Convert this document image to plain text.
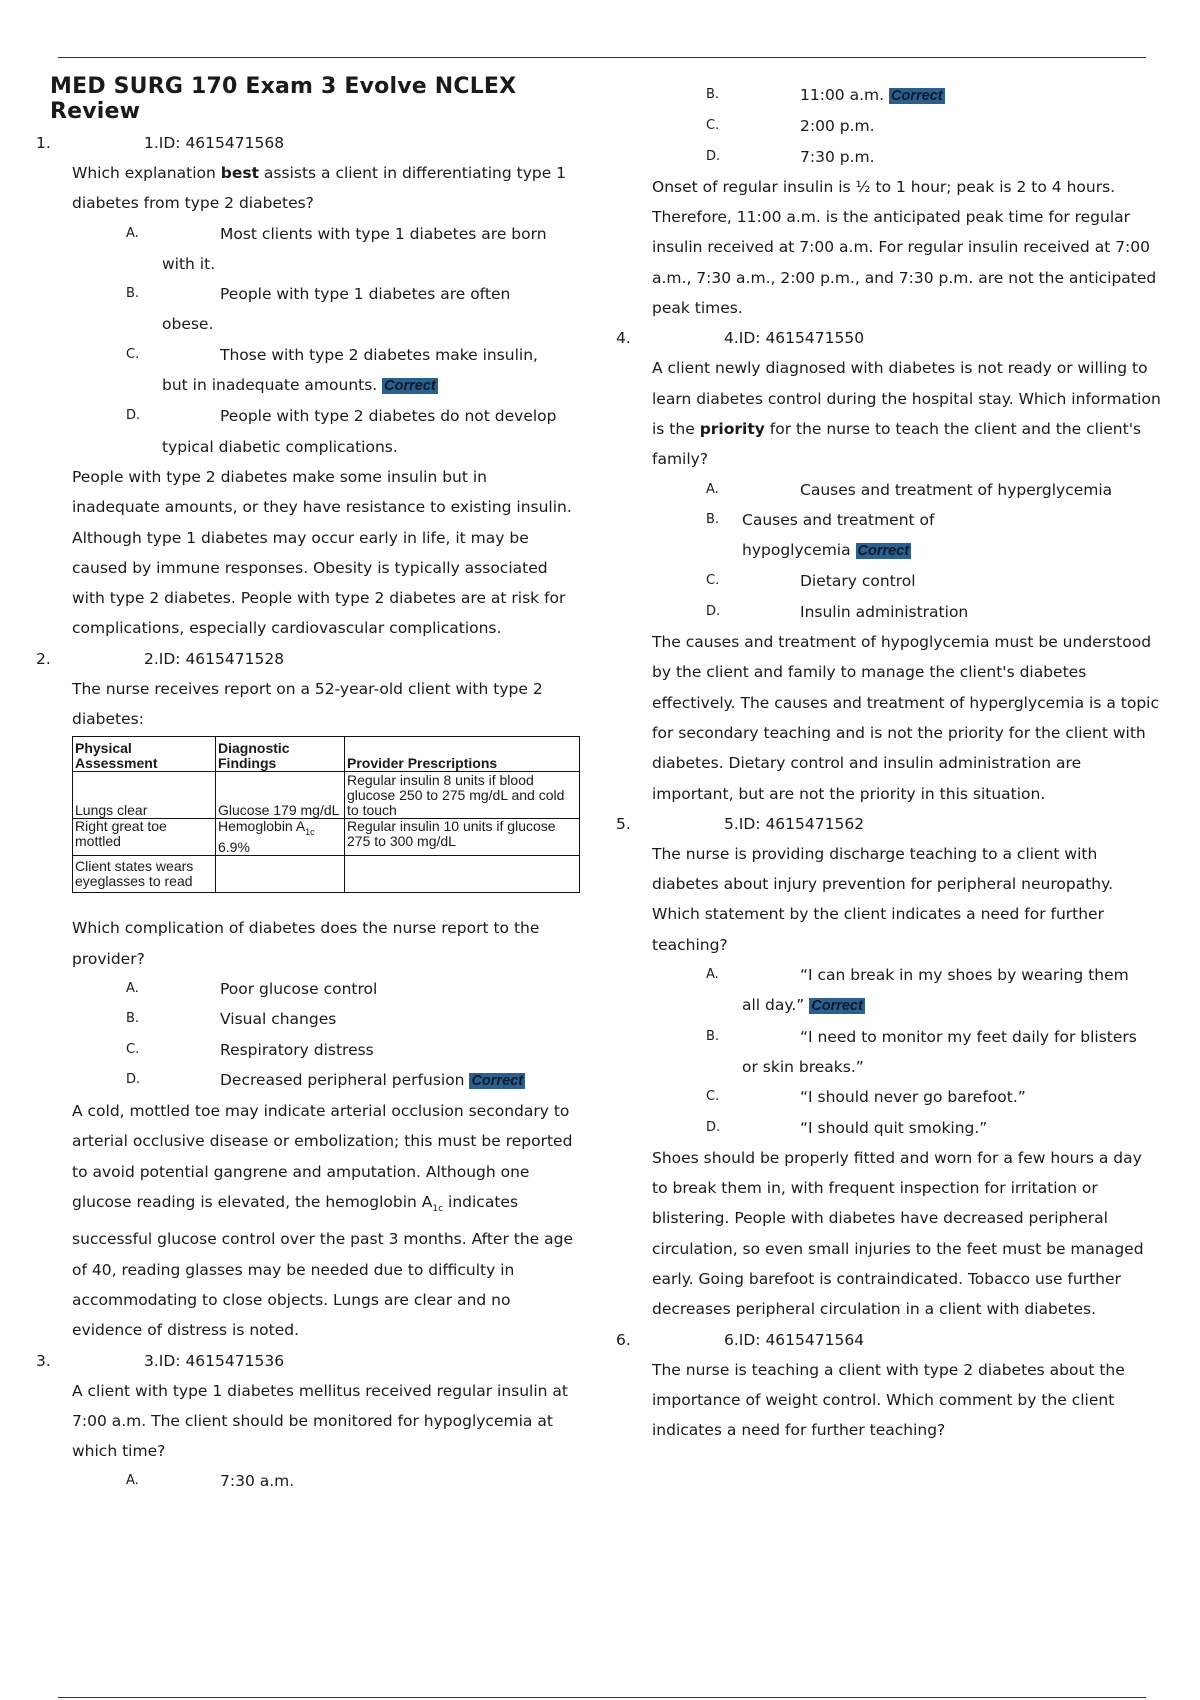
MED SURG 170 Exam 3 Evolve NCLEX Review
1.	1.ID: 4615471568
Which explanation best assists a client in differentiating type 1 diabetes from type 2 diabetes?
A.	Most clients with type 1 diabetes are born
with it.
B.	People with type 1 diabetes are often
obese.
C.	Those with type 2 diabetes make insulin,
but in inadequate amounts. Correct
D.	People with type 2 diabetes do not develop
typical diabetic complications.
People with type 2 diabetes make some insulin but in inadequate amounts, or they have resistance to existing insulin. Although type 1 diabetes may occur early in life, it may be caused by immune responses. Obesity is typically associated with type 2 diabetes. People with type 2 diabetes are at risk for complications, especially cardiovascular complications.
2.	2.ID: 4615471528
The nurse receives report on a 52-year-old client with type 2 diabetes:
Physical Assessment	Diagnostic Findings	Provider Prescriptions
Lungs clear	Glucose 179 mg/dL	Regular insulin 8 units if blood glucose 250 to 275 mg/dL and cold to touch
Right great toe mottled	Hemoglobin $A_{1c}$ 6.9%	Regular insulin 10 units if glucose 275 to 300 mg/dL
Client states wears eyeglasses to read		
Which complication of diabetes does the nurse report to the provider?
A.	Poor glucose control
B.	Visual changes
C.	Respiratory distress
D.	Decreased peripheral perfusion Correct
A cold, mottled toe may indicate arterial occlusion secondary to arterial occlusive disease or embolization; this must be reported to avoid potential gangrene and amputation. Although one glucose reading is elevated, the hemoglobin $A_{1c}$ indicates successful glucose control over the past 3 months. After the age of 40, reading glasses may be needed due to difficulty in accommodating to close objects. Lungs are clear and no evidence of distress is noted.
3.	3.ID: 4615471536
A client with type 1 diabetes mellitus received regular insulin at 7:00 a.m. The client should be monitored for hypoglycemia at which time?
A.	7:30 a.m.
B.	11:00 a.m. Correct
C.	2:00 p.m.
D.	7:30 p.m.
Onset of regular insulin is ½ to 1 hour; peak is 2 to 4 hours. Therefore, 11:00 a.m. is the anticipated peak time for regular insulin received at 7:00 a.m. For regular insulin received at 7:00 a.m., 7:30 a.m., 2:00 p.m., and 7:30 p.m. are not the anticipated peak times.
4.	4.ID: 4615471550
A client newly diagnosed with diabetes is not ready or willing to learn diabetes control during the hospital stay. Which information is the priority for the nurse to teach the client and the client's family?
A.	Causes and treatment of hyperglycemia
B.	Causes and treatment of
hypoglycemia Correct
C.	Dietary control
D.	Insulin administration
The causes and treatment of hypoglycemia must be understood by the client and family to manage the client's diabetes effectively. The causes and treatment of hyperglycemia is a topic for secondary teaching and is not the priority for the client with diabetes. Dietary control and insulin administration are important, but are not the priority in this situation.
5.	5.ID: 4615471562
The nurse is providing discharge teaching to a client with diabetes about injury prevention for peripheral neuropathy. Which statement by the client indicates a need for further teaching?
A.	“I can break in my shoes by wearing them
all day.” Correct
B.	“I need to monitor my feet daily for blisters
or skin breaks.”
C.	“I should never go barefoot.”
D.	“I should quit smoking.”
Shoes should be properly fitted and worn for a few hours a day to break them in, with frequent inspection for irritation or blistering. People with diabetes have decreased peripheral circulation, so even small injuries to the feet must be managed early. Going barefoot is contraindicated. Tobacco use further decreases peripheral circulation in a client with diabetes.
6.	6.ID: 4615471564
The nurse is teaching a client with type 2 diabetes about the importance of weight control. Which comment by the client indicates a need for further teaching?
